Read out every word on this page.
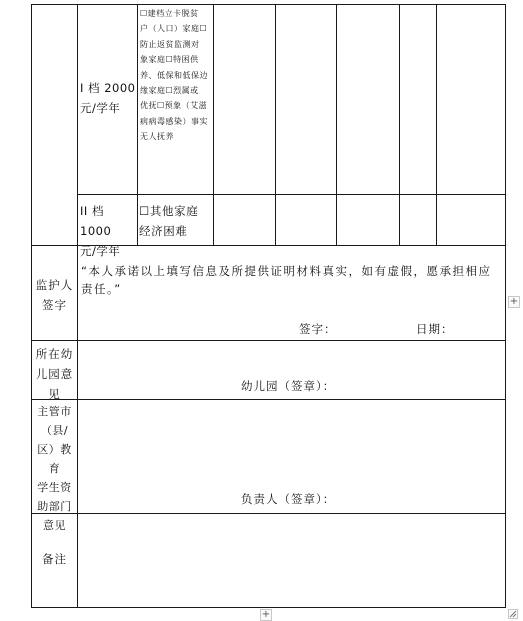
I 档 2000
元/学年
☐建档立卡脱贫
户（人口）家庭☐
防止返贫监测对
象家庭☐特困供
养、低保和低保边
缘家庭☐烈属或
优抚☐预象（艾滋
病病毒感染）事实
无人抚养
II 档 1000
元/学年
☐其他家庭
经济困难
监护人
签字
“本人承诺以上填写信息及所提供证明材料真实，如有虚假，愿承担相应责任。”
签字：	日期：
所在幼
儿园意
见
幼儿园（签章）：
主管市
（县/
区）教育
学生资
助部门
意见
负责人（签章）：
备注
+
+
